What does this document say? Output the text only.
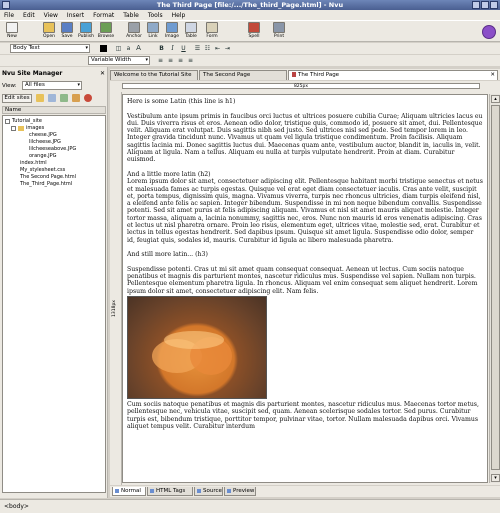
The Third Page [file:/.../The_third_Page.html] - Nvu
File Edit View Insert Format Table Tools Help
New	Open	Save	Publish Browse	Anchor	Link	Image	Table	Form	Spell	Print
Body Text ▾	◫ a A	B	I	U	☰ ☷ ⇤ ⇥
Variable Width ▾	≡ ≡ ≡ ≡
Nvu Site Manager	✕
View:	All files ▾
Edit sites
Name
Tutorial_site
images
cheese.JPG
lilcheese.JPG
lilcheeseabove.JPG
orange.JPG
index.html
My_stylesheet.css
The Second Page.html
The_Third_Page.html
Welcome to the Tutorial Site	The Second Page	The Third Page	✕
825px
1318px

Here is some Latin (this line is h1)

Vestibulum ante ipsum primis in faucibus orci luctus et ultrices posuere cubilia Curae; Aliquam ultricies lacus eu dui. Duis viverra risus et eros. Aenean odio dolor, tristique quis, commodo id, posuere sit amet, dui. Pellentesque velit. Aliquam erat volutpat. Duis sagittis nibh sed justo. Sed ultrices nisl sed pede. Sed tempor lorem in leo. Integer gravida tincidunt nunc. Vivamus ut quam vel ligula tristique condimentum. Proin facilisis. Aliquam sagittis lacinia mi. Donec sagittis luctus dui. Maecenas quam ante, vestibulum auctor, blandit in, iaculis in, velit. Aliquam at ligula. Nam a tellus. Aliquam eu nulla at turpis vulputate hendrerit. Proin at diam. Curabitur euismod.

And a little more latin (h2)

Lorem ipsum dolor sit amet, consectetuer adipiscing elit. Pellentesque habitant morbi tristique senectus et netus et malesuada fames ac turpis egestas. Quisque vel erat eget diam consectetuer iaculis. Cras ante velit, suscipit et, porta tempus, dignissim quis, magna. Vivamus viverra, turpis nec rhoncus ultricies, diam turpis eleifend nisl, a eleifend ante felis ac sapien. Integer bibendum. Suspendisse in mi non neque bibendum convallis. Suspendisse potenti. Sed sit amet purus at felis adipiscing aliquam. Vivamus et nisl sit amet mauris aliquet molestie. Integer tortor massa, aliquam a, lacinia nonummy, sagittis nec, eros. Nunc non mauris id eros venenatis adipiscing. Cras et lectus ut nisl pharetra ornare. Proin leo risus, elementum eget, ultrices vitae, molestie sed, erat. Curabitur et lectus in tellus egestas hendrerit. Sed dapibus ipsum. Quisque sit amet ligula. Suspendisse odio dolor, semper id, feugiat quis, sodales id, mauris. Curabitur id ligula ac libero malesuada pharetra.

And still more latin... (h3)

Suspendisse potenti. Cras ut mi sit amet quam consequat consequat. Aenean ut lectus. Cum sociis natoque penatibus et magnis dis parturient montes, nascetur ridiculus mus. Suspendisse vel sapien. Nullam non turpis. Pellentesque elementum pharetra ligula. In rhoncus. Aliquam vel enim consequat sem aliquet hendrerit. Lorem ipsum dolor sit amet, consectetuer adipiscing elit. Nam felis.

Cum sociis natoque penatibus et magnis dis parturient montes, nascetur ridiculus mus. Maecenas tortor metus, pellentesque nec, vehicula vitae, suscipit sed, quam. Aenean scelerisque sodales tortor. Sed purus. Curabitur turpis est, bibendum tristique, porttitor tempor, pulvinar vitae, tortor. Nullam malesuada dapibus orci. Vivamus aliquet tempus velit. Curabitur interdum

▴
▾
Normal	HTML Tags	Source	Preview
<body>
